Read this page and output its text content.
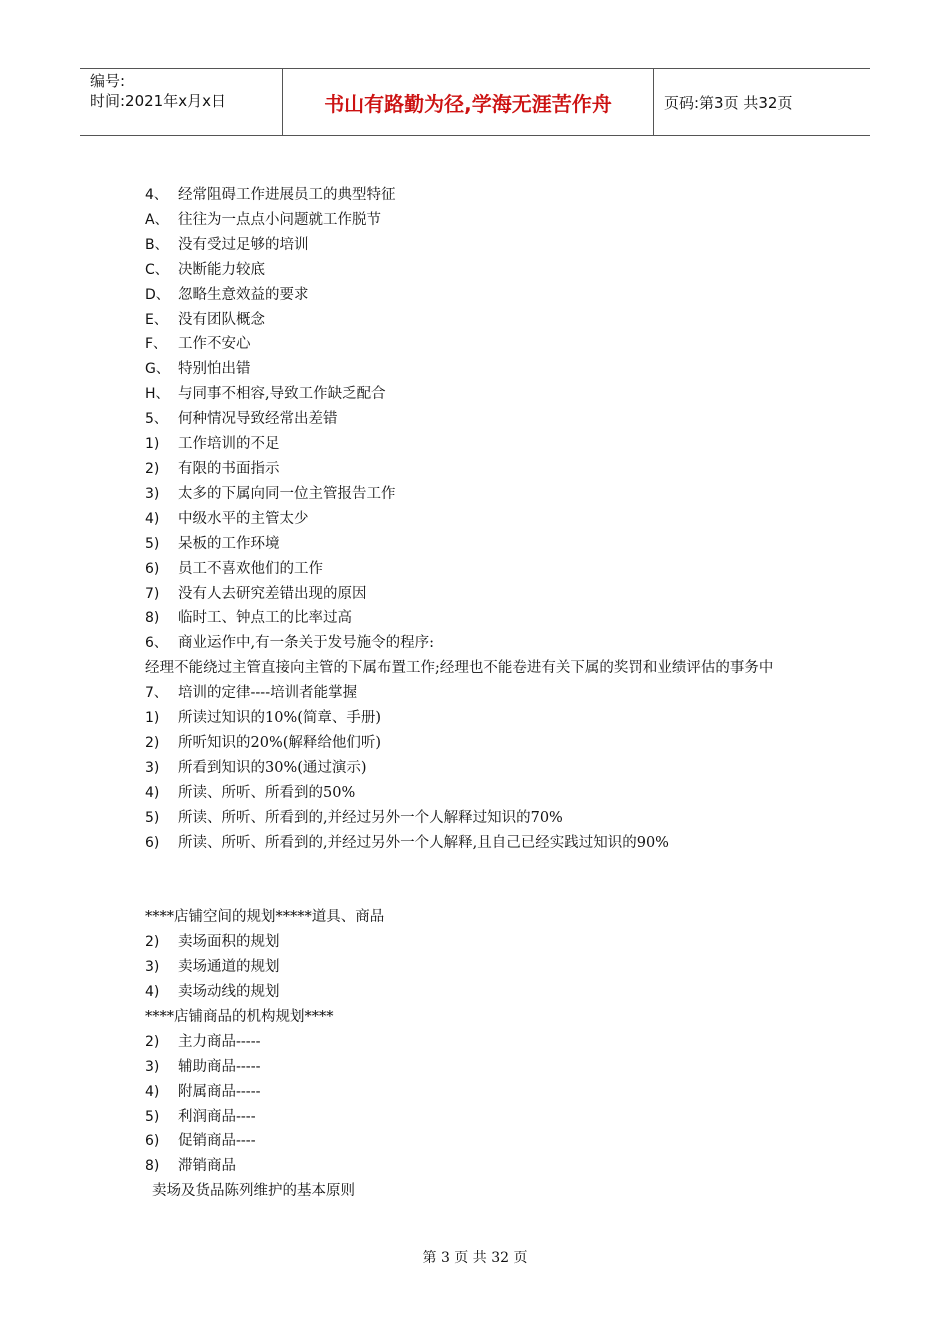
编号:
时间:2021年x月x日	书山有路勤为径,学海无涯苦作舟	页码:第3页 共32页
4、 经常阻碍工作进展员工的典型特征
A、 往往为一点点小问题就工作脱节
B、 没有受过足够的培训
C、 决断能力较底
D、 忽略生意效益的要求
E、 没有团队概念
F、 工作不安心
G、 特别怕出错
H、 与同事不相容,导致工作缺乏配合
5、 何种情况导致经常出差错
1) 工作培训的不足
2) 有限的书面指示
3) 太多的下属向同一位主管报告工作
4) 中级水平的主管太少
5) 呆板的工作环境
6) 员工不喜欢他们的工作
7) 没有人去研究差错出现的原因
8) 临时工、钟点工的比率过高
6、 商业运作中,有一条关于发号施令的程序:
经理不能绕过主管直接向主管的下属布置工作;经理也不能卷进有关下属的奖罚和业绩评估的事务中
7、 培训的定律----培训者能掌握
1) 所读过知识的10%(简章、手册)
2) 所听知识的20%(解释给他们听)
3) 所看到知识的30%(通过演示)
4) 所读、所听、所看到的50%
5) 所读、所听、所看到的,并经过另外一个人解释过知识的70%
6) 所读、所听、所看到的,并经过另外一个人解释,且自己已经实践过知识的90%
****店铺空间的规划*****道具、商品
2) 卖场面积的规划
3) 卖场通道的规划
4) 卖场动线的规划
****店铺商品的机构规划****
2) 主力商品-----
3) 辅助商品-----
4) 附属商品-----
5) 利润商品----
6) 促销商品----
8) 滞销商品
卖场及货品陈列维护的基本原则
第 3 页 共 32 页
